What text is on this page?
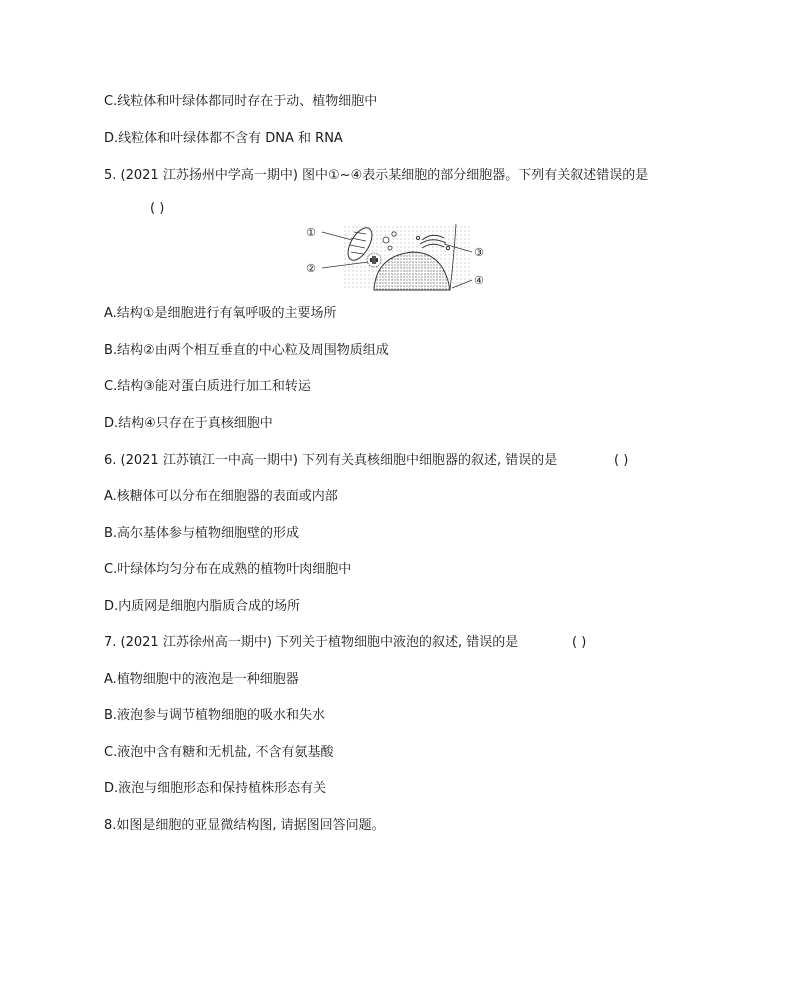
C.线粒体和叶绿体都同时存在于动、植物细胞中
D.线粒体和叶绿体都不含有 DNA 和 RNA
5. (2021 江苏扬州中学高一期中) 图中①~④表示某细胞的部分细胞器。下列有关叙述错误的是
( )
①
②
③
④
A.结构①是细胞进行有氧呼吸的主要场所
B.结构②由两个相互垂直的中心粒及周围物质组成
C.结构③能对蛋白质进行加工和转运
D.结构④只存在于真核细胞中
6. (2021 江苏镇江一中高一期中) 下列有关真核细胞中细胞器的叙述, 错误的是	( )
A.核糖体可以分布在细胞器的表面或内部
B.高尔基体参与植物细胞壁的形成
C.叶绿体均匀分布在成熟的植物叶肉细胞中
D.内质网是细胞内脂质合成的场所
7. (2021 江苏徐州高一期中) 下列关于植物细胞中液泡的叙述, 错误的是	( )
A.植物细胞中的液泡是一种细胞器
B.液泡参与调节植物细胞的吸水和失水
C.液泡中含有糖和无机盐, 不含有氨基酸
D.液泡与细胞形态和保持植株形态有关
8.如图是细胞的亚显微结构图, 请据图回答问题。
